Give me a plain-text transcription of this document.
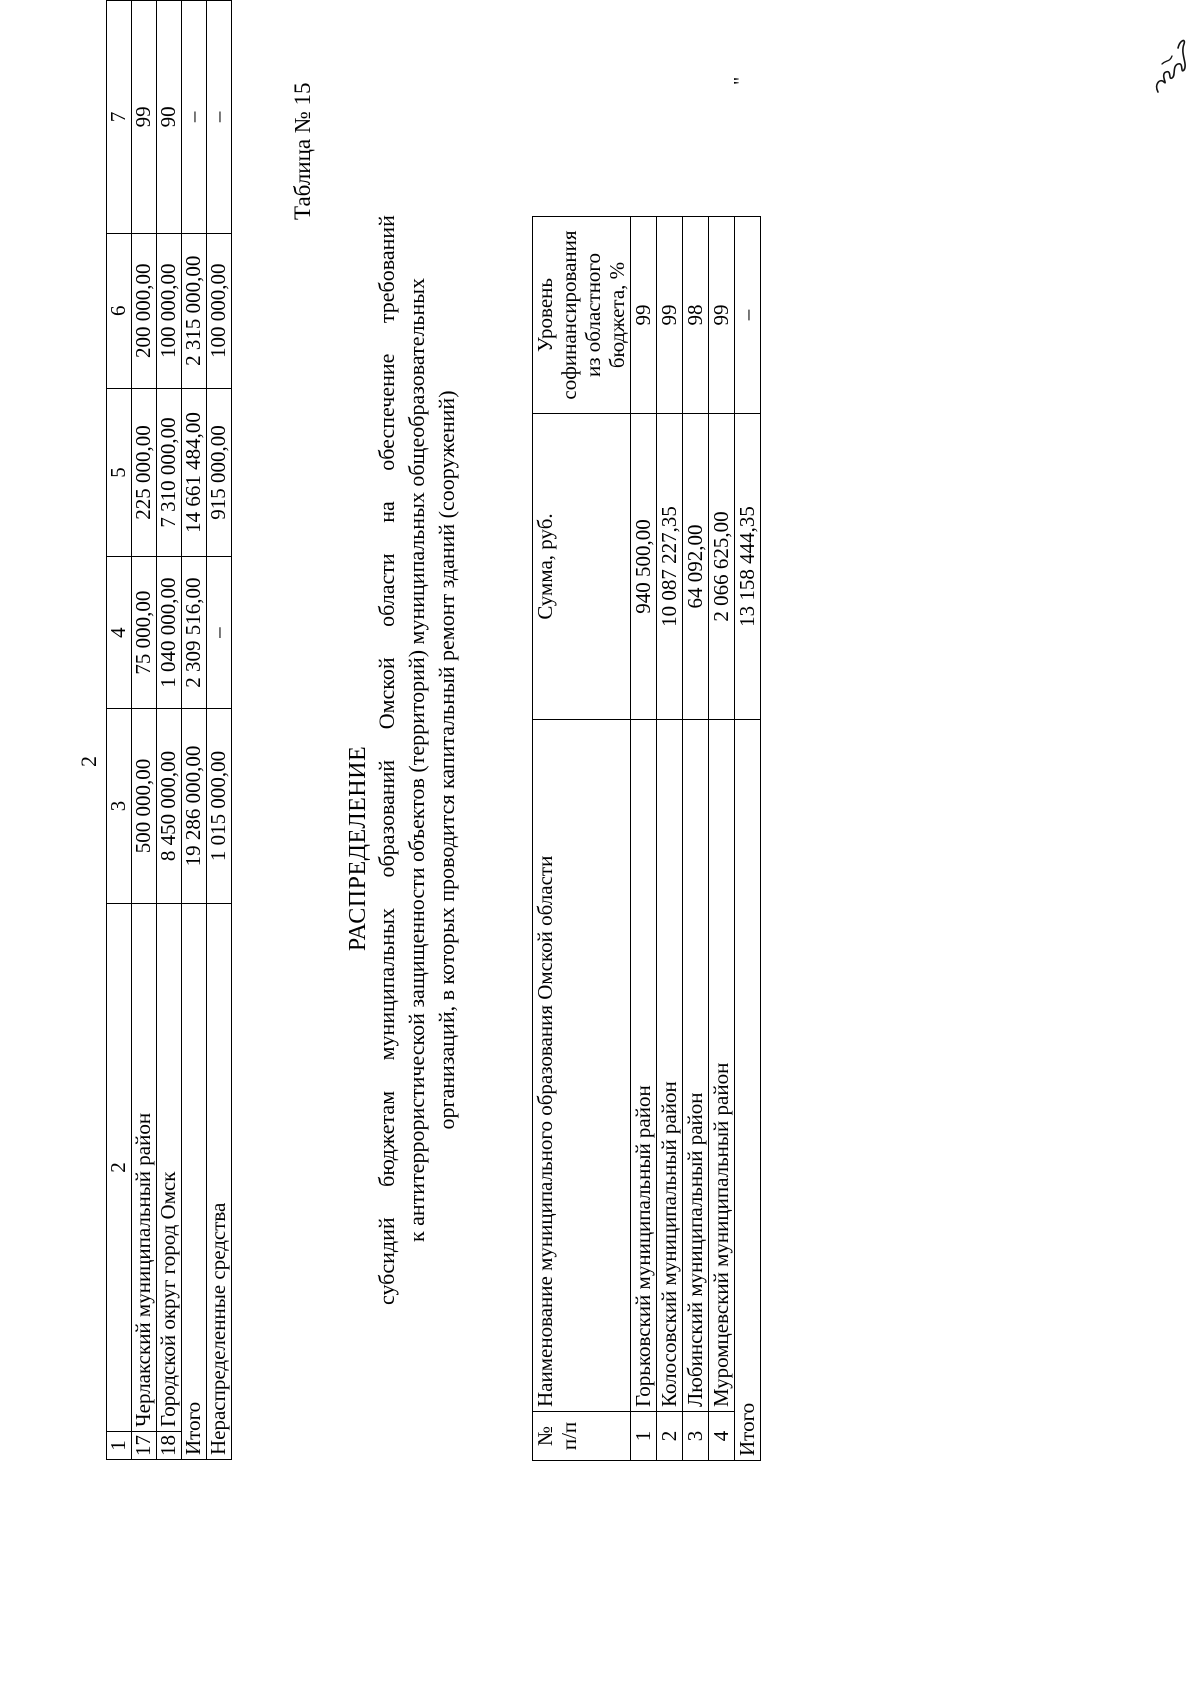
2
1	2	3	4	5	6	7
17	Черлакский муниципальный район	500 000,00	75 000,00	225 000,00	200 000,00	99
18	Городской округ город Омск	8 450 000,00	1 040 000,00	7 310 000,00	100 000,00	90
Итого		19 286 000,00	2 309 516,00	14 661 484,00	2 315 000,00	–
Нераспределенные средства		1 015 000,00	–	915 000,00	100 000,00	–	Таблица № 15
РАСПРЕДЕЛЕНИЕ
субсидий
бюджетам
муниципальных
образований
Омской
области
на
обеспечение
требований
к антитеррористической защищенности объектов (территорий) муниципальных общеобразовательных организаций, в которых проводится капитальный ремонт зданий (сооружений)
№ п/п	Наименование муниципального образования Омской области	Сумма, руб.	Уровень софинансирования из областного бюджета, %
1	Горьковский муниципальный район	940 500,00	99
2	Колосовский муниципальный район	10 087 227,35	99
3	Любинский муниципальный район	64 092,00	98
4	Муромцевский муниципальный район	2 066 625,00	99
Итого		13 158 444,35	–
"
